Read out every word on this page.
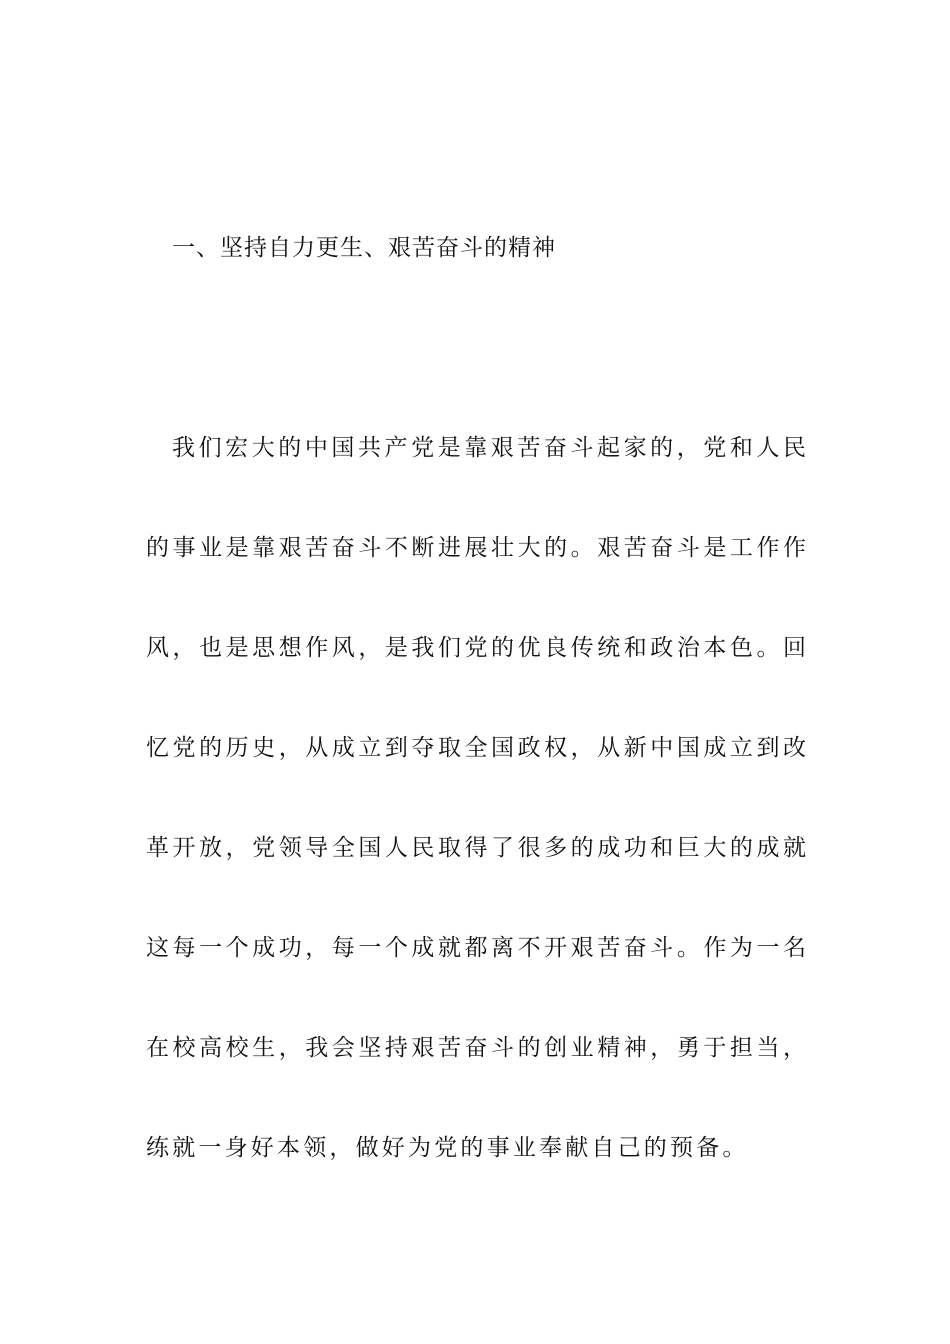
一、坚持自力更生、艰苦奋斗的精神
我们宏大的中国共产党是靠艰苦奋斗起家的，党和人民
的事业是靠艰苦奋斗不断进展壮大的。艰苦奋斗是工作作
风，也是思想作风，是我们党的优良传统和政治本色。回
忆党的历史，从成立到夺取全国政权，从新中国成立到改
革开放，党领导全国人民取得了很多的成功和巨大的成就
这每一个成功，每一个成就都离不开艰苦奋斗。作为一名
在校高校生，我会坚持艰苦奋斗的创业精神，勇于担当，
练就一身好本领，做好为党的事业奉献自己的预备。
